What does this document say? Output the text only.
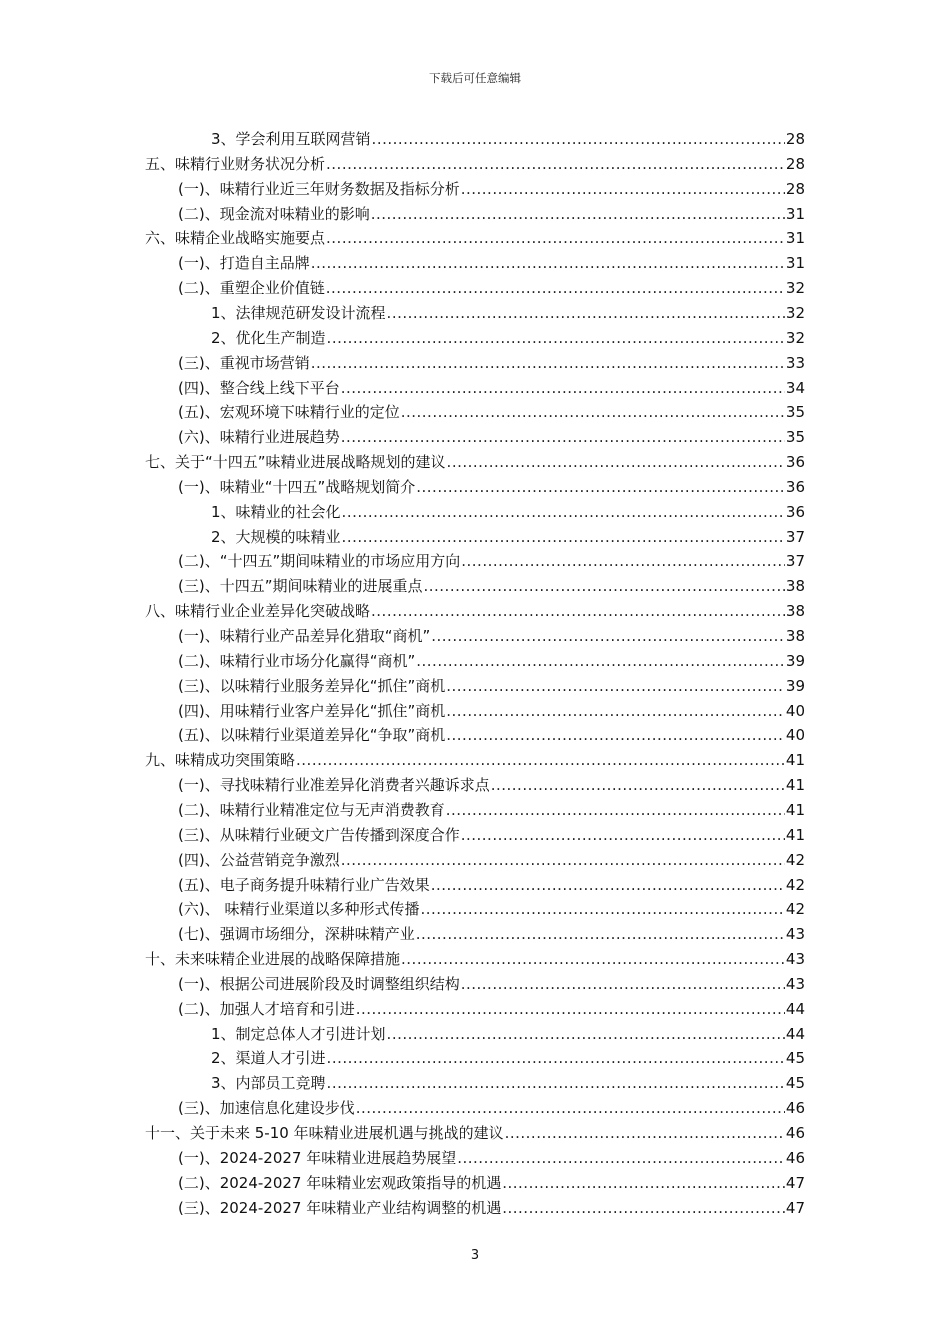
下载后可任意编辑
3、学会利用互联网营销 .....	28
五、味精行业财务状况分析 .....	28
(一)、味精行业近三年财务数据及指标分析 .....	28
(二)、现金流对味精业的影响 .....	31
六、味精企业战略实施要点 .....	31
(一)、打造自主品牌 .....	31
(二)、重塑企业价值链 .....	32
1、法律规范研发设计流程 .....	32
2、优化生产制造 .....	32
(三)、重视市场营销 .....	33
(四)、整合线上线下平台 .....	34
(五)、宏观环境下味精行业的定位 .....	35
(六)、味精行业进展趋势 .....	35
七、关于“十四五”味精业进展战略规划的建议 .....	36
(一)、味精业“十四五”战略规划简介 .....	36
1、味精业的社会化 .....	36
2、大规模的味精业 .....	37
(二)、“十四五”期间味精业的市场应用方向 .....	37
(三)、十四五”期间味精业的进展重点 .....	38
八、味精行业企业差异化突破战略 .....	38
(一)、味精行业产品差异化猎取“商机” .....	38
(二)、味精行业市场分化赢得“商机” .....	39
(三)、以味精行业服务差异化“抓住”商机 .....	39
(四)、用味精行业客户差异化“抓住”商机 .....	40
(五)、以味精行业渠道差异化“争取”商机 .....	40
九、味精成功突围策略 .....	41
(一)、寻找味精行业准差异化消费者兴趣诉求点 .....	41
(二)、味精行业精准定位与无声消费教育 .....	41
(三)、从味精行业硬文广告传播到深度合作 .....	41
(四)、公益营销竞争激烈 .....	42
(五)、电子商务提升味精行业广告效果 .....	42
(六)、 味精行业渠道以多种形式传播 .....	42
(七)、强调市场细分，深耕味精产业 .....	43
十、未来味精企业进展的战略保障措施 .....	43
(一)、根据公司进展阶段及时调整组织结构 .....	43
(二)、加强人才培育和引进 .....	44
1、制定总体人才引进计划 .....	44
2、渠道人才引进 .....	45
3、内部员工竞聘 .....	45
(三)、加速信息化建设步伐 .....	46
十一、关于未来 5-10 年味精业进展机遇与挑战的建议 .....	46
(一)、2024-2027 年味精业进展趋势展望 .....	46
(二)、2024-2027 年味精业宏观政策指导的机遇 .....	47
(三)、2024-2027 年味精业产业结构调整的机遇 .....	47
3
